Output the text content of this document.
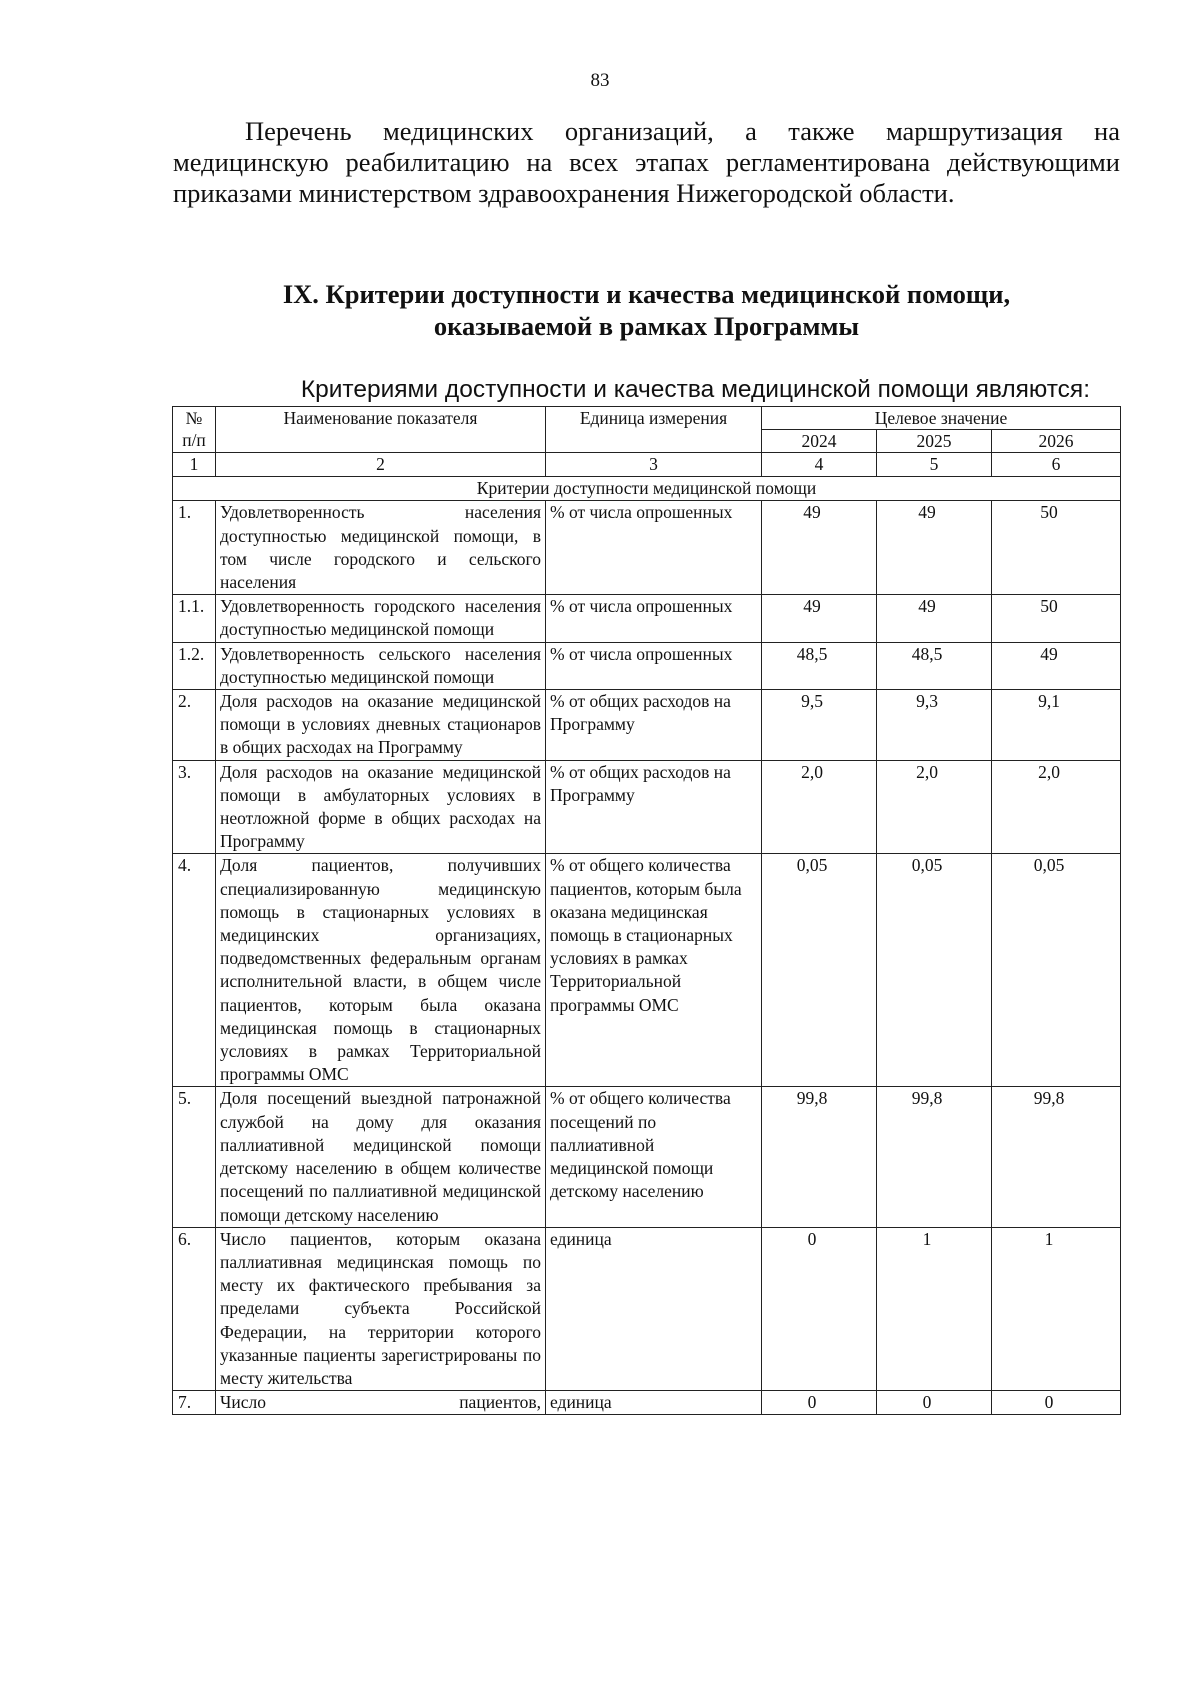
83

Перечень медицинских организаций, а также маршрутизация на медицинскую реабилитацию на всех этапах регламентирована действующими приказами министерством здравоохранения Нижегородской области.

IX. Критерии доступности и качества медицинской помощи,
оказываемой в рамках Программы
Критериями доступности и качества медицинской помощи являются:
№
п/п	Наименование показателя	Единица измерения	Целевое значение		
			2024	2025	2026
1	2	3	4	5	6
Критерии доступности медицинской помощи					
1.	Удовлетворенность населения доступностью медицинской помощи, в том числе городского и сельского населения	% от числа опрошенных	49	49	50
1.1.	Удовлетворенность городского населения доступностью медицинской помощи	% от числа опрошенных	49	49	50
1.2.	Удовлетворенность сельского населения доступностью медицинской помощи	% от числа опрошенных	48,5	48,5	49
2.	Доля расходов на оказание медицинской помощи в условиях дневных стационаров в общих расходах на Программу	% от общих расходов на Программу	9,5	9,3	9,1
3.	Доля расходов на оказание медицинской помощи в амбулаторных условиях в неотложной форме в общих расходах на Программу	% от общих расходов на Программу	2,0	2,0	2,0
4.	Доля пациентов, получивших специализированную медицинскую помощь в стационарных условиях в медицинских организациях, подведомственных федеральным органам исполнительной власти, в общем числе пациентов, которым была оказана медицинская помощь в стационарных условиях в рамках Территориальной программы ОМС	% от общего количества пациентов, которым была оказана медицинская помощь в стационарных условиях в рамках Территориальной программы ОМС	0,05	0,05	0,05
5.	Доля посещений выездной патронажной службой на дому для оказания паллиативной медицинской помощи детскому населению в общем количестве посещений по паллиативной медицинской помощи детскому населению	% от общего количества посещений по паллиативной медицинской помощи детскому населению	99,8	99,8	99,8
6.	Число пациентов, которым оказана паллиативная медицинская помощь по месту их фактического пребывания за пределами субъекта Российской Федерации, на территории которого указанные пациенты зарегистрированы по месту жительства	единица	0	1	1
7.	Число пациентов,	единица	0	0	0
